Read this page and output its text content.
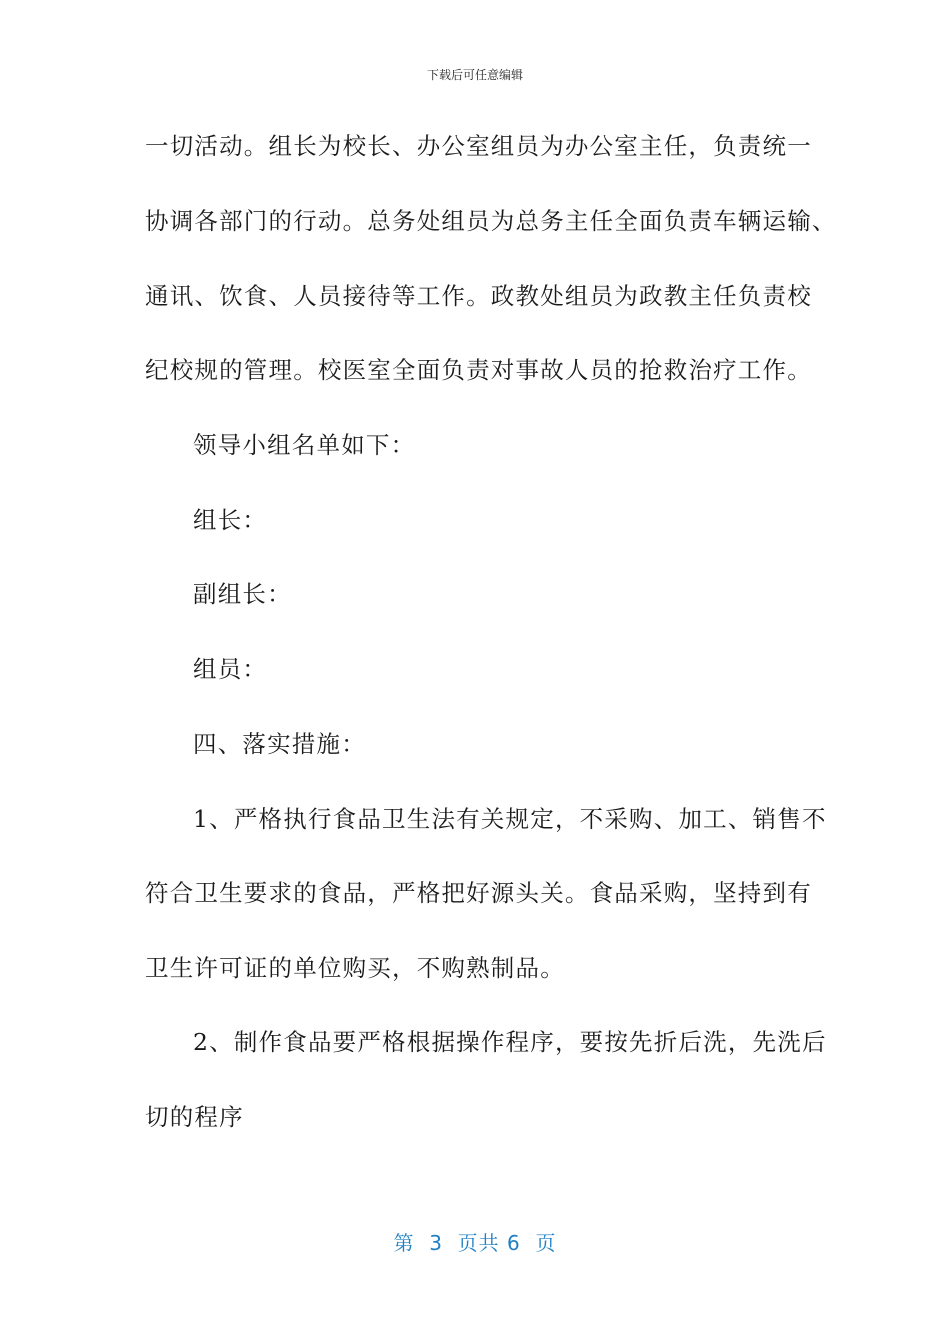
下载后可任意编辑
一切活动。组长为校长、办公室组员为办公室主任，负责统一
协调各部门的行动。总务处组员为总务主任全面负责车辆运输、
通讯、饮食、人员接待等工作。政教处组员为政教主任负责校
纪校规的管理。校医室全面负责对事故人员的抢救治疗工作。
领导小组名单如下：
组长：
副组长：
组员：
四、落实措施：
1、严格执行食品卫生法有关规定，不采购、加工、销售不
符合卫生要求的食品，严格把好源头关。食品采购，坚持到有
卫生许可证的单位购买，不购熟制品。
2、制作食品要严格根据操作程序，要按先折后洗，先洗后
切的程序
第  3  页共 6  页
